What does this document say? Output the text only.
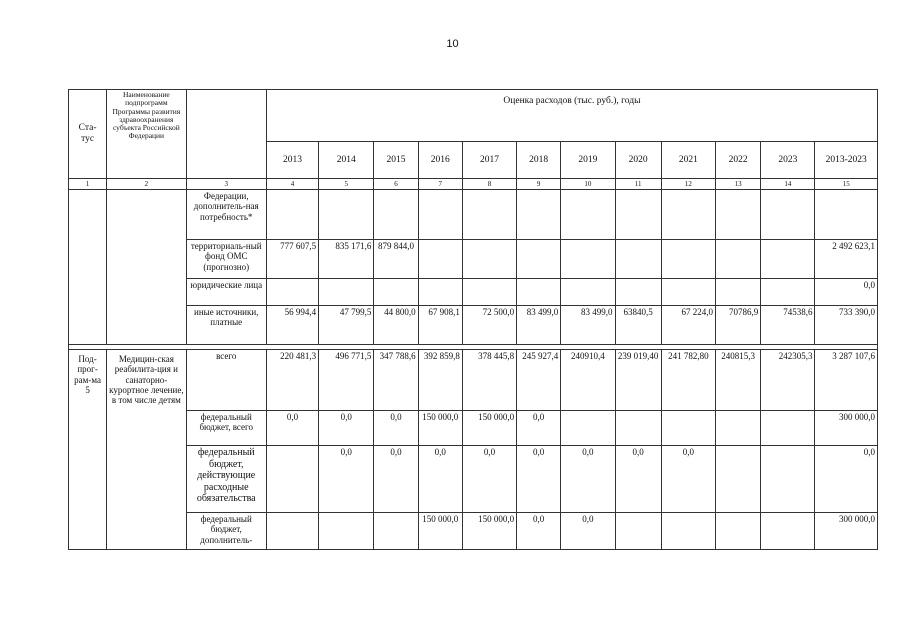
10
Ста-
тус	Наименование подпрограмм Программы развития здравоохранения субъекта Российской Федерации		Оценка расходов (тыс. руб.), годы											
			2013	2014	2015	2016	2017	2018	2019	2020	2021	2022	2023	2013-2023
1	2	3	4	5	6	7	8	9	10	11	12	13	14	15
		Федерации, дополнитель-ная потребность*												
		территориаль-ный фонд ОМС (прогнозно)	777 607,5	835 171,6	879 844,0									2 492 623,1
		юридические лица												0,0
		иные источники, платные	56 994,4	47 799,5	44 800,0	67 908,1	72 500,0	83 499,0	83 499,0	63840,5	67 224,0	70786,9	74538,6	733 390,0

Под-прог-рам-ма 5	Медицин-ская реабилита-ция и санаторно-курортное лечение, в том числе детям	всего	220 481,3	496 771,5	347 788,6	392 859,8	378 445,8	245 927,4	240910,4	239 019,40	241 782,80	240815,3	242305,3	3 287 107,6
		федеральный бюджет, всего	0,0	0,0	0,0	150 000,0	150 000,0	0,0						300 000,0
		федеральный бюджет, действующие расходные обязательства		0,0	0,0	0,0	0,0	0,0	0,0	0,0	0,0			0,0
		федеральный бюджет, дополнитель-				150 000,0	150 000,0	0,0	0,0					300 000,0
